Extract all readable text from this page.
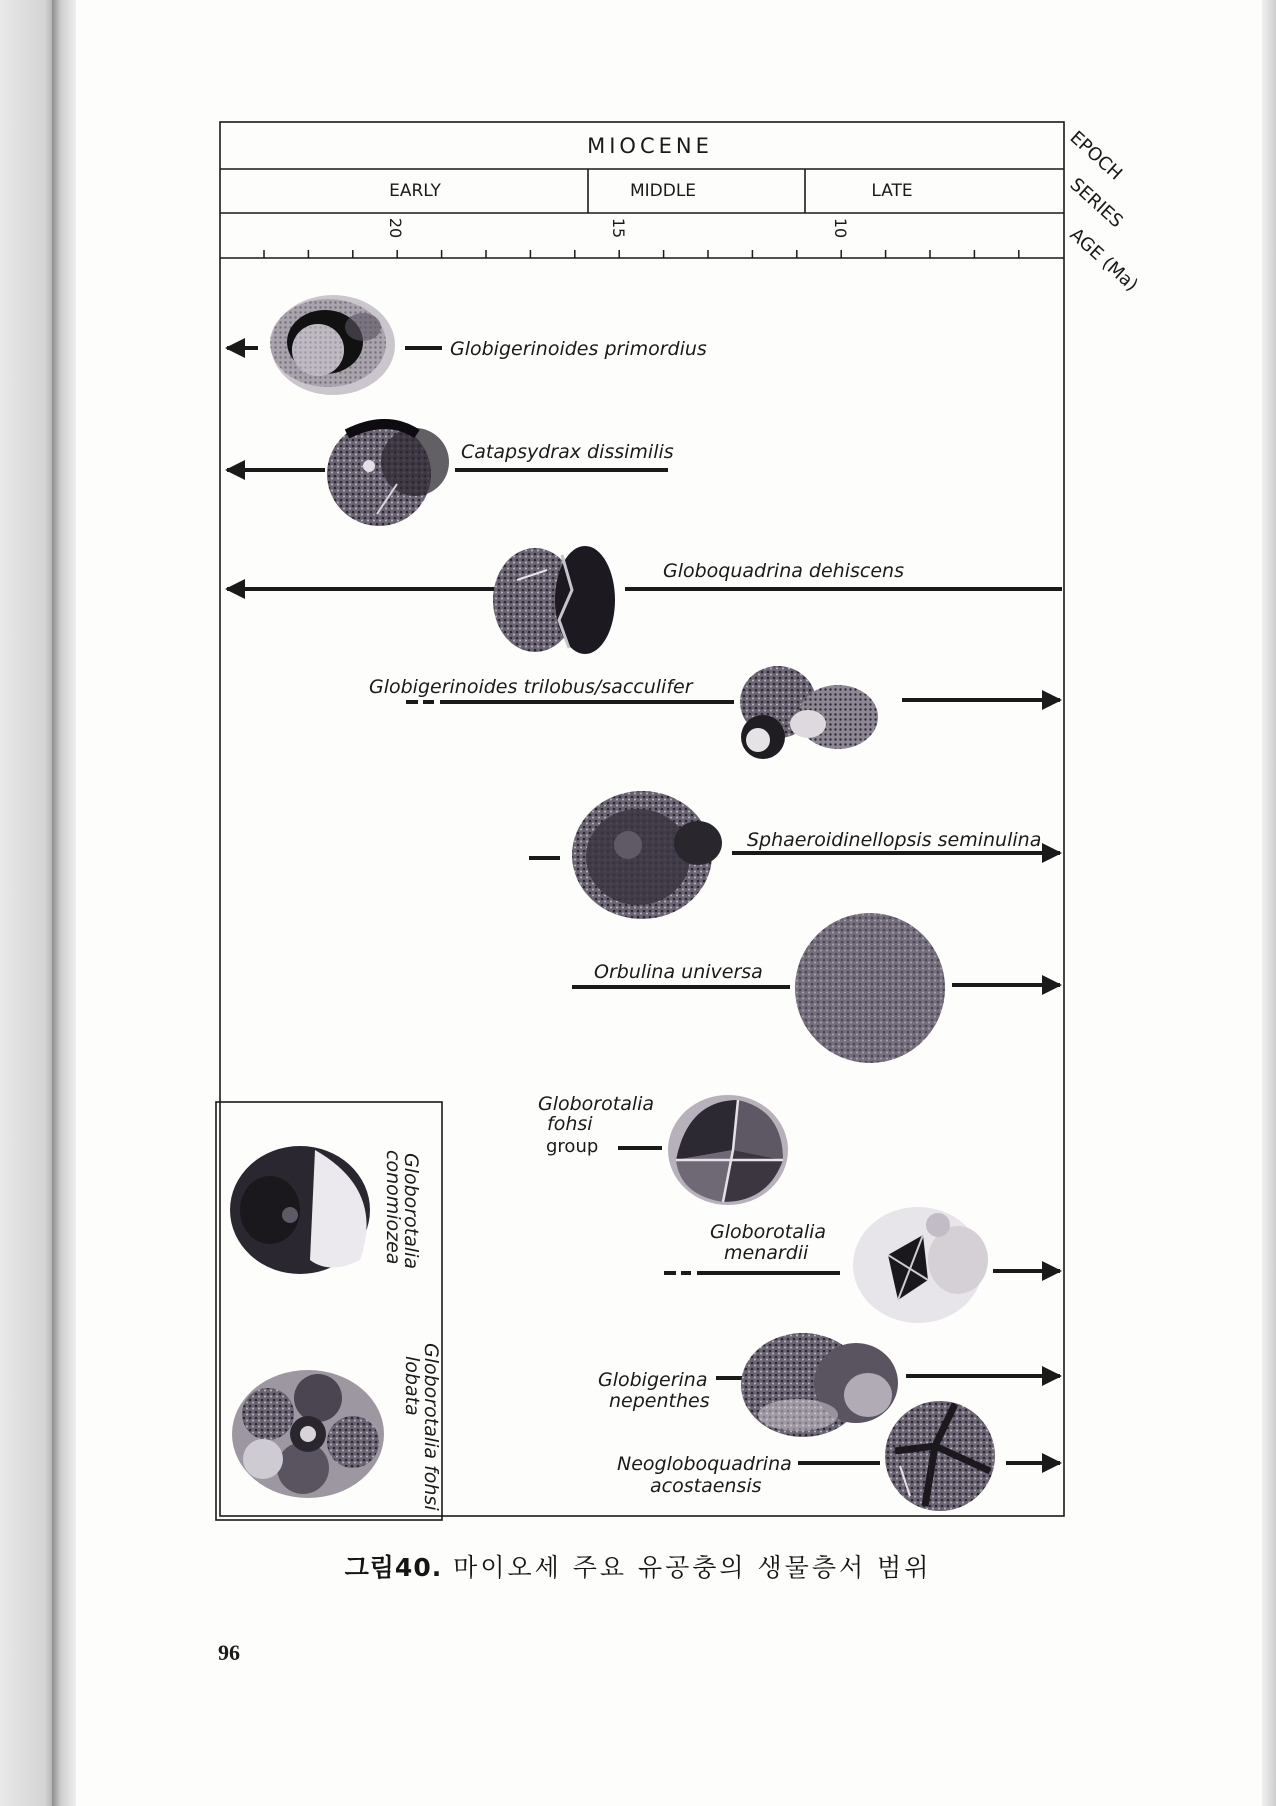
MIOCENE
EARLY	MIDDLE	LATE
20	15	10
EPOCH
SERIES
AGE (Ma)
Globigerinoides primordius
Catapsydrax dissimilis
Globoquadrina dehiscens
Globigerinoides trilobus/sacculifer
Sphaeroidinellopsis seminulina
Orbulina universa
Globorotalia
fohsi
group
Globorotalia
menardii
Globigerina
nepenthes
Neogloboquadrina
acostaensis
Globorotalia
conomiozea
Globorotalia fohsi
lobata
그림40. 마이오세 주요 유공충의 생물층서 범위
96
